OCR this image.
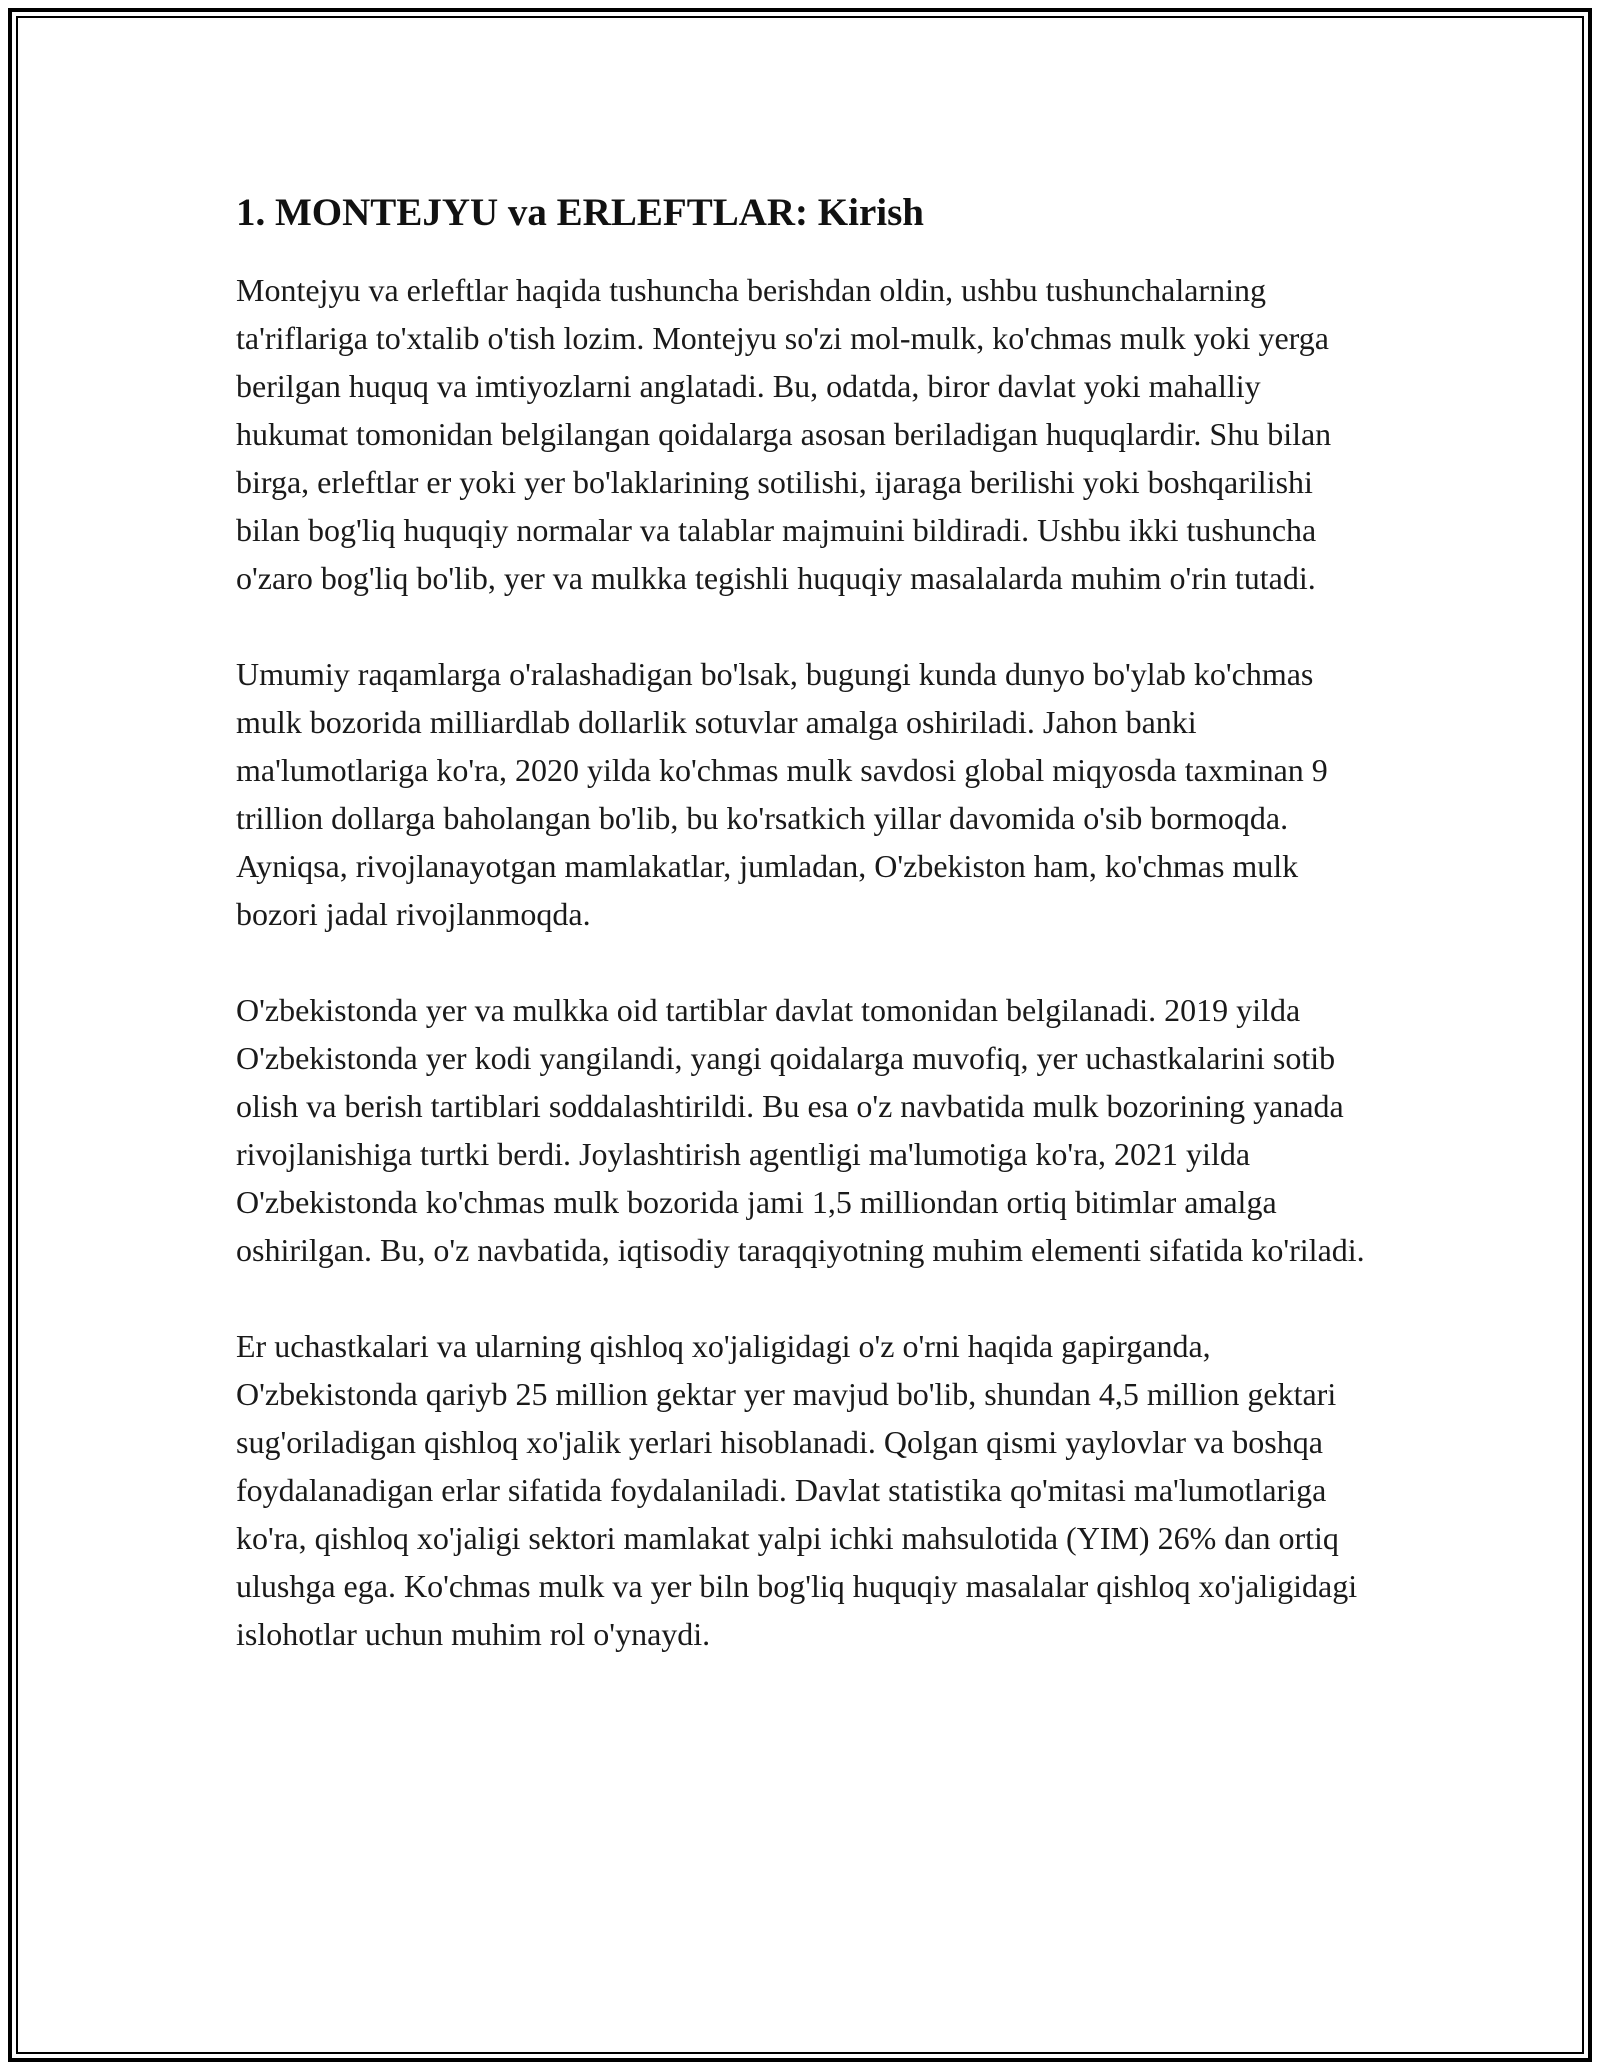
1. MONTEJYU va ERLEFTLAR: Kirish

Montejyu va erleftlar haqida tushuncha berishdan oldin, ushbu tushunchalarning ta'riflariga to'xtalib o'tish lozim. Montejyu so'zi mol-mulk, ko'chmas mulk yoki yerga berilgan huquq va imtiyozlarni anglatadi. Bu, odatda, biror davlat yoki mahalliy hukumat tomonidan belgilangan qoidalarga asosan beriladigan huquqlardir. Shu bilan birga, erleftlar er yoki yer bo'laklarining sotilishi, ijaraga berilishi yoki boshqarilishi bilan bog'liq huquqiy normalar va talablar majmuini bildiradi. Ushbu ikki tushuncha o'zaro bog'liq bo'lib, yer va mulkka tegishli huquqiy masalalarda muhim o'rin tutadi.

Umumiy raqamlarga o'ralashadigan bo'lsak, bugungi kunda dunyo bo'ylab ko'chmas mulk bozorida milliardlab dollarlik sotuvlar amalga oshiriladi. Jahon banki ma'lumotlariga ko'ra, 2020 yilda ko'chmas mulk savdosi global miqyosda taxminan 9 trillion dollarga baholangan bo'lib, bu ko'rsatkich yillar davomida o'sib bormoqda. Ayniqsa, rivojlanayotgan mamlakatlar, jumladan, O'zbekiston ham, ko'chmas mulk bozori jadal rivojlanmoqda.

O'zbekistonda yer va mulkka oid tartiblar davlat tomonidan belgilanadi. 2019 yilda O'zbekistonda yer kodi yangilandi, yangi qoidalarga muvofiq, yer uchastkalarini sotib olish va berish tartiblari soddalashtirildi. Bu esa o'z navbatida mulk bozorining yanada rivojlanishiga turtki berdi. Joylashtirish agentligi ma'lumotiga ko'ra, 2021 yilda O'zbekistonda ko'chmas mulk bozorida jami 1,5 milliondan ortiq bitimlar amalga oshirilgan. Bu, o'z navbatida, iqtisodiy taraqqiyotning muhim elementi sifatida ko'riladi.

Er uchastkalari va ularning qishloq xo'jaligidagi o'z o'rni haqida gapirganda, O'zbekistonda qariyb 25 million gektar yer mavjud bo'lib, shundan 4,5 million gektari sug'oriladigan qishloq xo'jalik yerlari hisoblanadi. Qolgan qismi yaylovlar va boshqa foydalanadigan erlar sifatida foydalaniladi. Davlat statistika qo'mitasi ma'lumotlariga ko'ra, qishloq xo'jaligi sektori mamlakat yalpi ichki mahsulotida (YIM) 26% dan ortiq ulushga ega. Ko'chmas mulk va yer biln bog'liq huquqiy masalalar qishloq xo'jaligidagi islohotlar uchun muhim rol o'ynaydi.
